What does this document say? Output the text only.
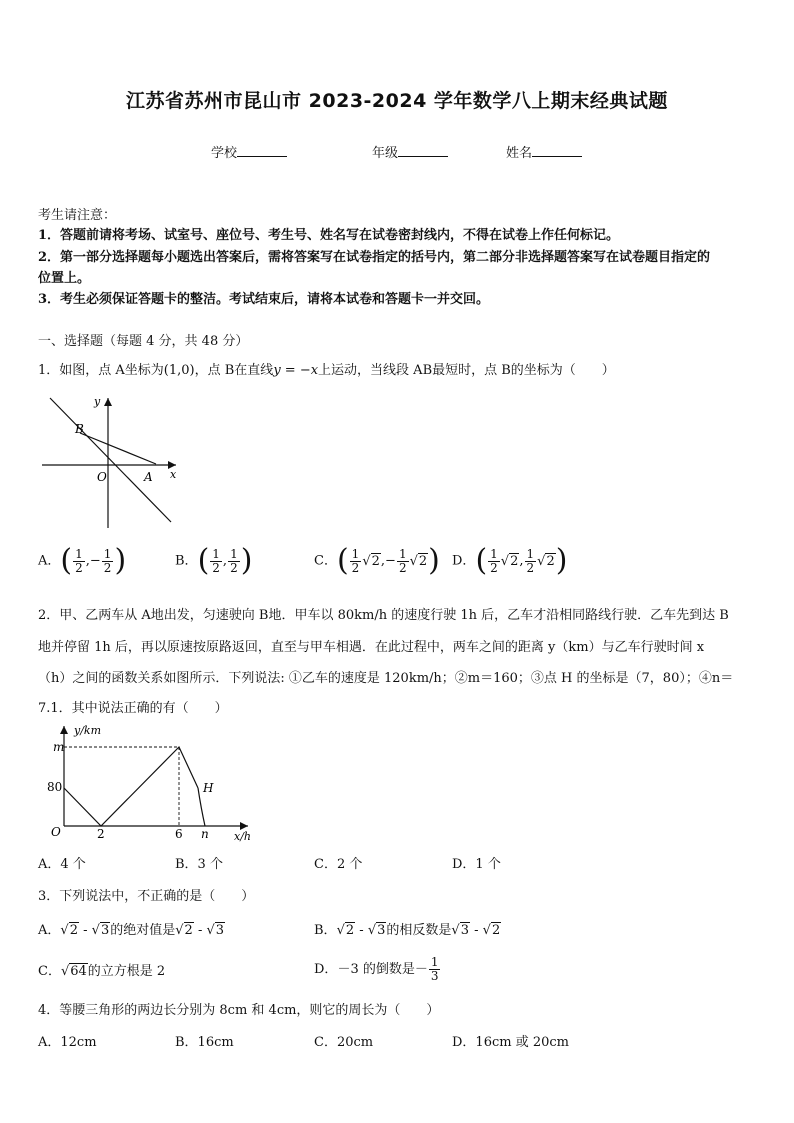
江苏省苏州市昆山市 2023-2024 学年数学八上期末经典试题
学校	年级	姓名
考生请注意：
1．答题前请将考场、试室号、座位号、考生号、姓名写在试卷密封线内，不得在试卷上作任何标记。
2．第一部分选择题每小题选出答案后，需将答案写在试卷指定的括号内，第二部分非选择题答案写在试卷题目指定的
位置上。
3．考生必须保证答题卡的整洁。考试结束后，请将本试卷和答题卡一并交回。
一、选择题（每题 4 分，共 48 分）
1．如图，点 A坐标为(1,0)，点 B在直线y = −x上运动，当线段 AB最短时，点 B的坐标为（　　）
O	A x
y
B
A．( $\frac{1}{2}$ ,− $\frac{1}{2}$ )	B．( $\frac{1}{2}$ , $\frac{1}{2}$ )	C．( $\frac{1}{2} √2,- \frac{1}{2} √2$) D．( $\frac{1}{2} √2$, $\frac{1}{2} √2$)
2．甲、乙两车从 A地出发，匀速驶向 B地．甲车以 80km/h 的速度行驶 1h 后，乙车才沿相同路线行驶．乙车先到达 B
地并停留 1h 后，再以原速按原路返回，直至与甲车相遇．在此过程中，两车之间的距离 y（km）与乙车行驶时间 x
（h）之间的函数关系如图所示．下列说法: ①乙车的速度是 120km/h；②m＝160；③点 H 的坐标是（7，80）；④n＝
7.1．其中说法正确的有（　　）
y/km
m
80
O	2	6 n
H
x/h
A．4 个	B．3 个	C．2 个	D．1 个
3．下列说法中，不正确的是（　　）
A．√2 - √3的绝对值是√2 - √3	B．√2 - √3的相反数是√3 - √2
C．√64的立方根是 2	D．－3 的倒数是－ $\frac{1}{3}$
4．等腰三角形的两边长分别为 8cm 和 4cm，则它的周长为（　　）
A．12cm	B．16cm	C．20cm	D．16cm 或 20cm
